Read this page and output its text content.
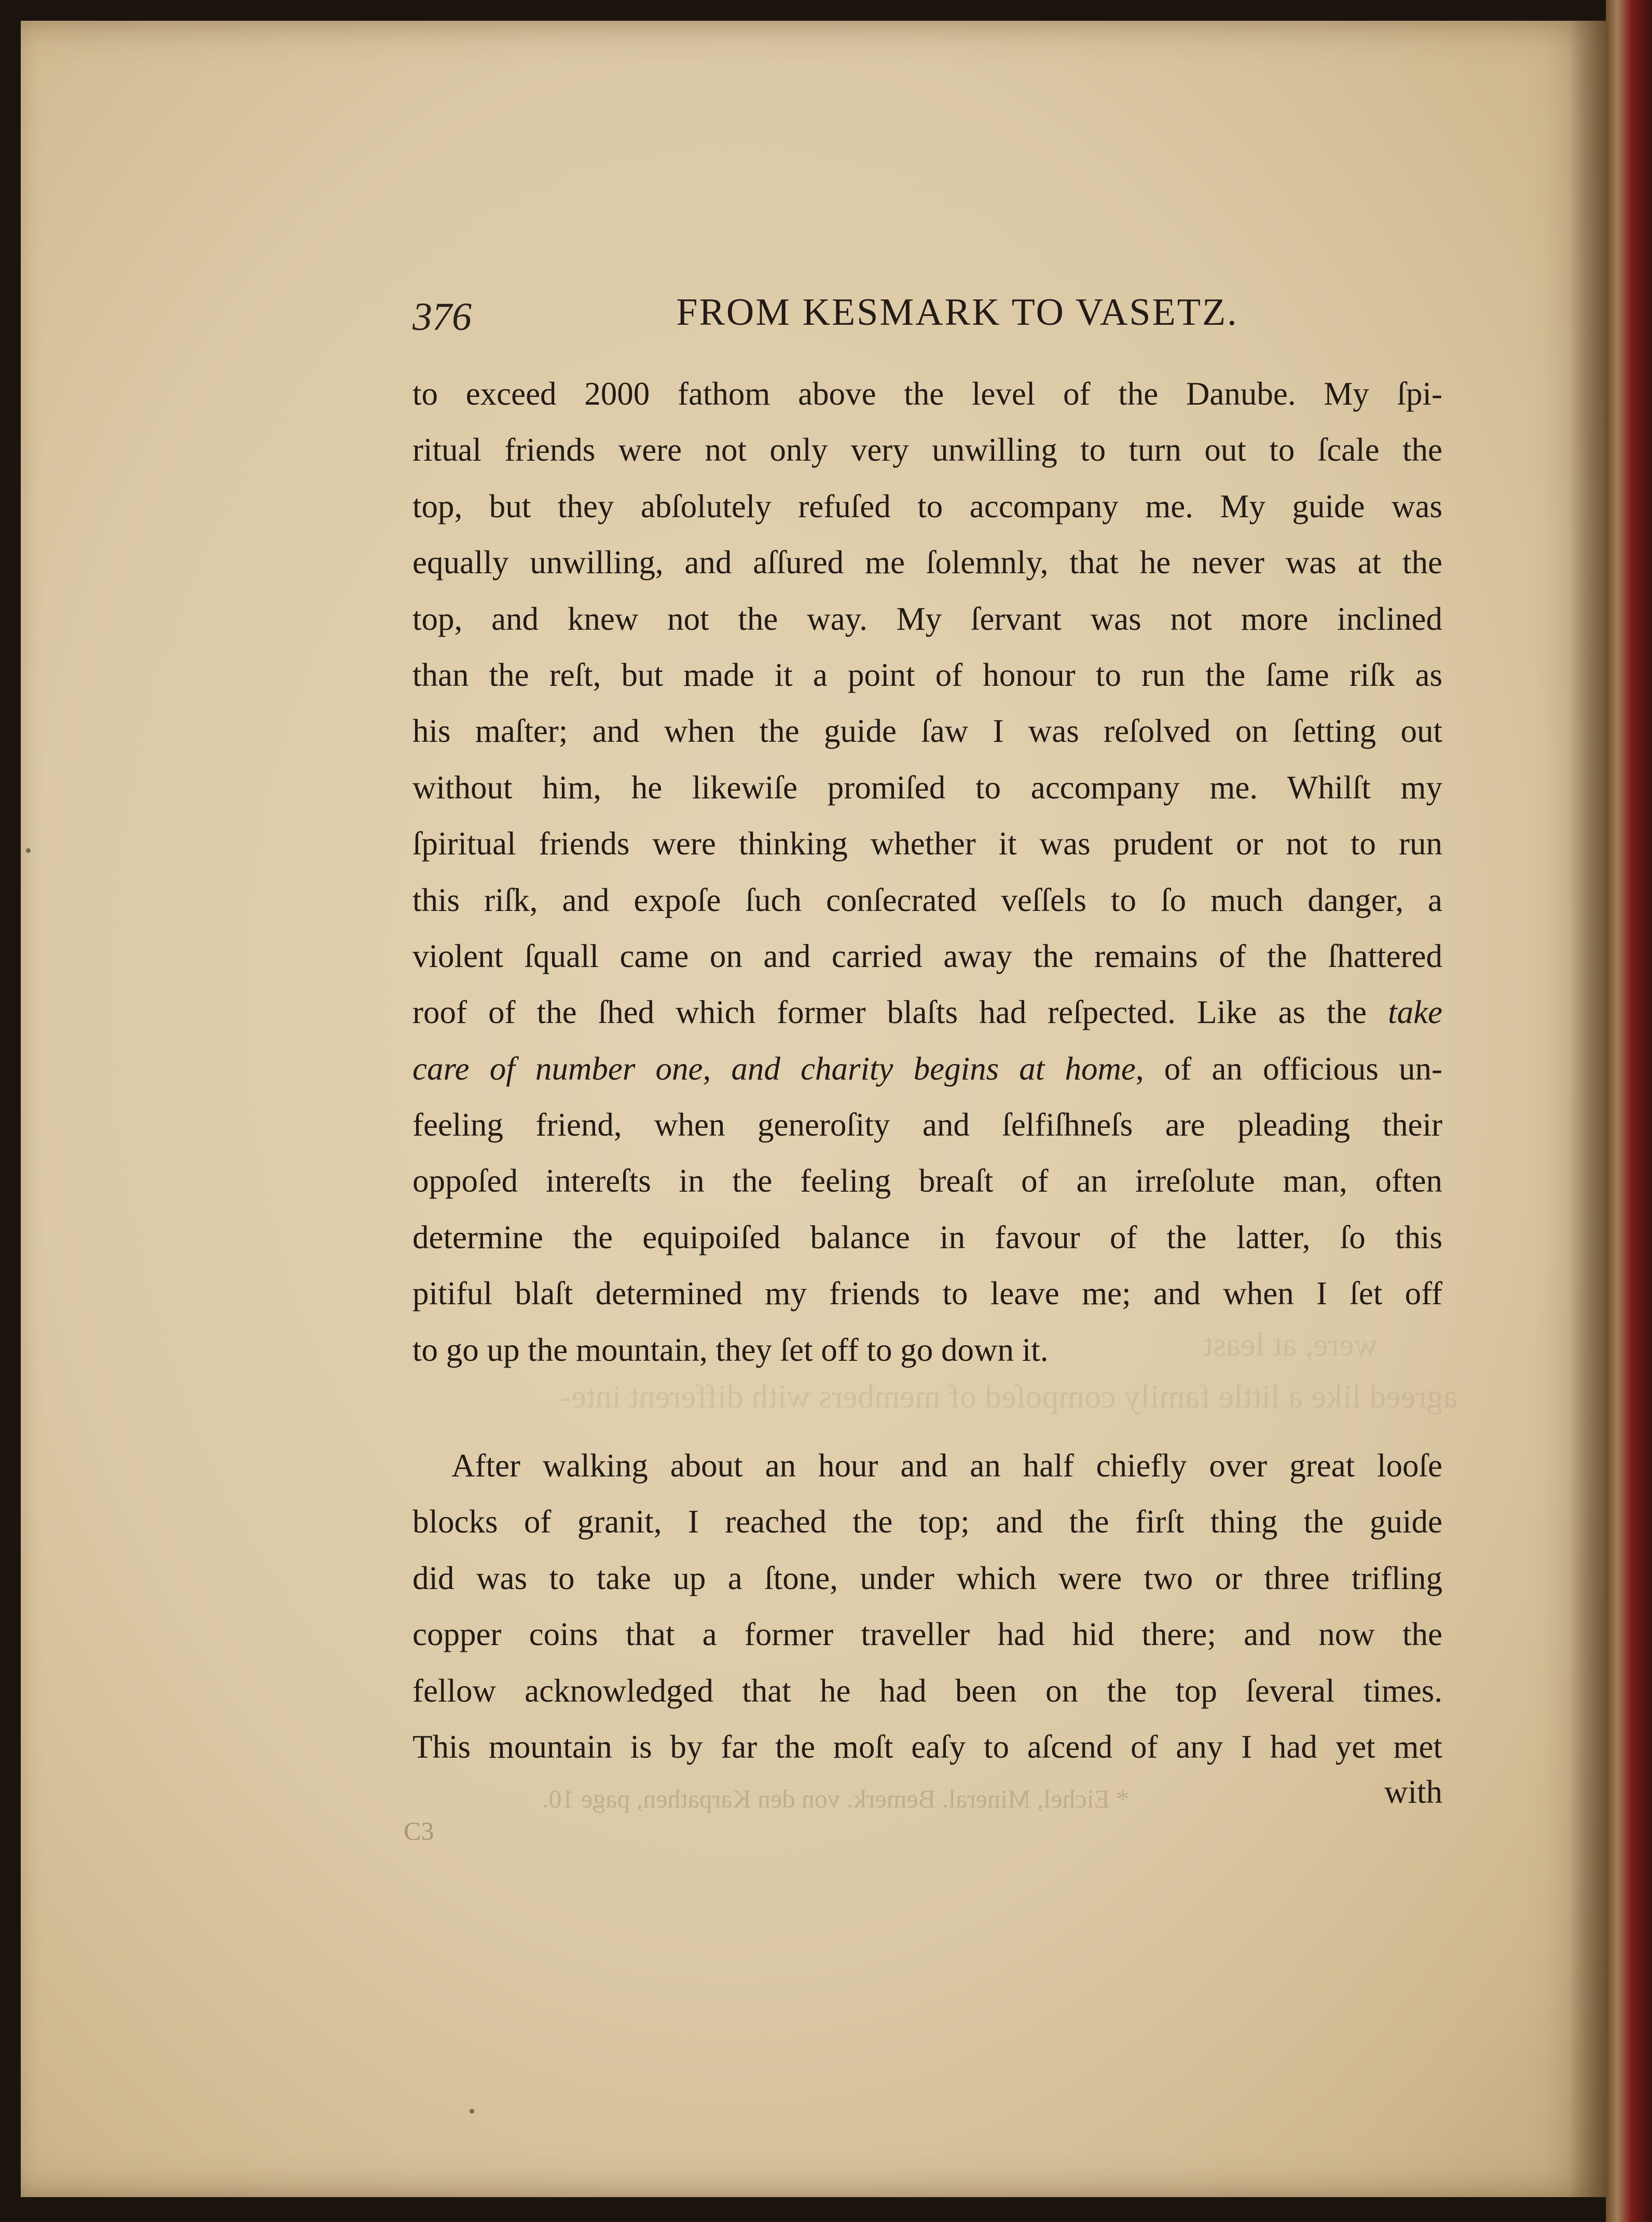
were, at least
agreed like a little family compoſed of members with different inte-
* Eichel, Mineral. Bemerk. von den Karpathen, page 10.
C3
376	FROM KESMARK TO VASETZ.
to exceed 2000 fathom above the level of the Danube. My ſpi-
ritual friends were not only very unwilling to turn out to ſcale the
top, but they abſolutely refuſed to accompany me. My guide was
equally unwilling, and aſſured me ſolemnly, that he never was at the
top, and knew not the way. My ſervant was not more inclined
than the reſt, but made it a point of honour to run the ſame riſk as
his maſter; and when the guide ſaw I was reſolved on ſetting out
without him, he likewiſe promiſed to accompany me. Whilſt my
ſpiritual friends were thinking whether it was prudent or not to run
this riſk, and expoſe ſuch conſecrated veſſels to ſo much danger, a
violent ſquall came on and carried away the remains of the ſhattered
roof of the ſhed which former blaſts had reſpected. Like as the take
care of number one, and charity begins at home, of an officious un-
feeling friend, when generoſity and ſelfiſhneſs are pleading their
oppoſed intereſts in the feeling breaſt of an irreſolute man, often
determine the equipoiſed balance in favour of the latter, ſo this
pitiful blaſt determined my friends to leave me; and when I ſet off
to go up the mountain, they ſet off to go down it.
After walking about an hour and an half chiefly over great looſe
blocks of granit, I reached the top; and the firſt thing the guide
did was to take up a ſtone, under which were two or three trifling
copper coins that a former traveller had hid there; and now the
fellow acknowledged that he had been on the top ſeveral times.
This mountain is by far the moſt eaſy to aſcend of any I had yet met
with
